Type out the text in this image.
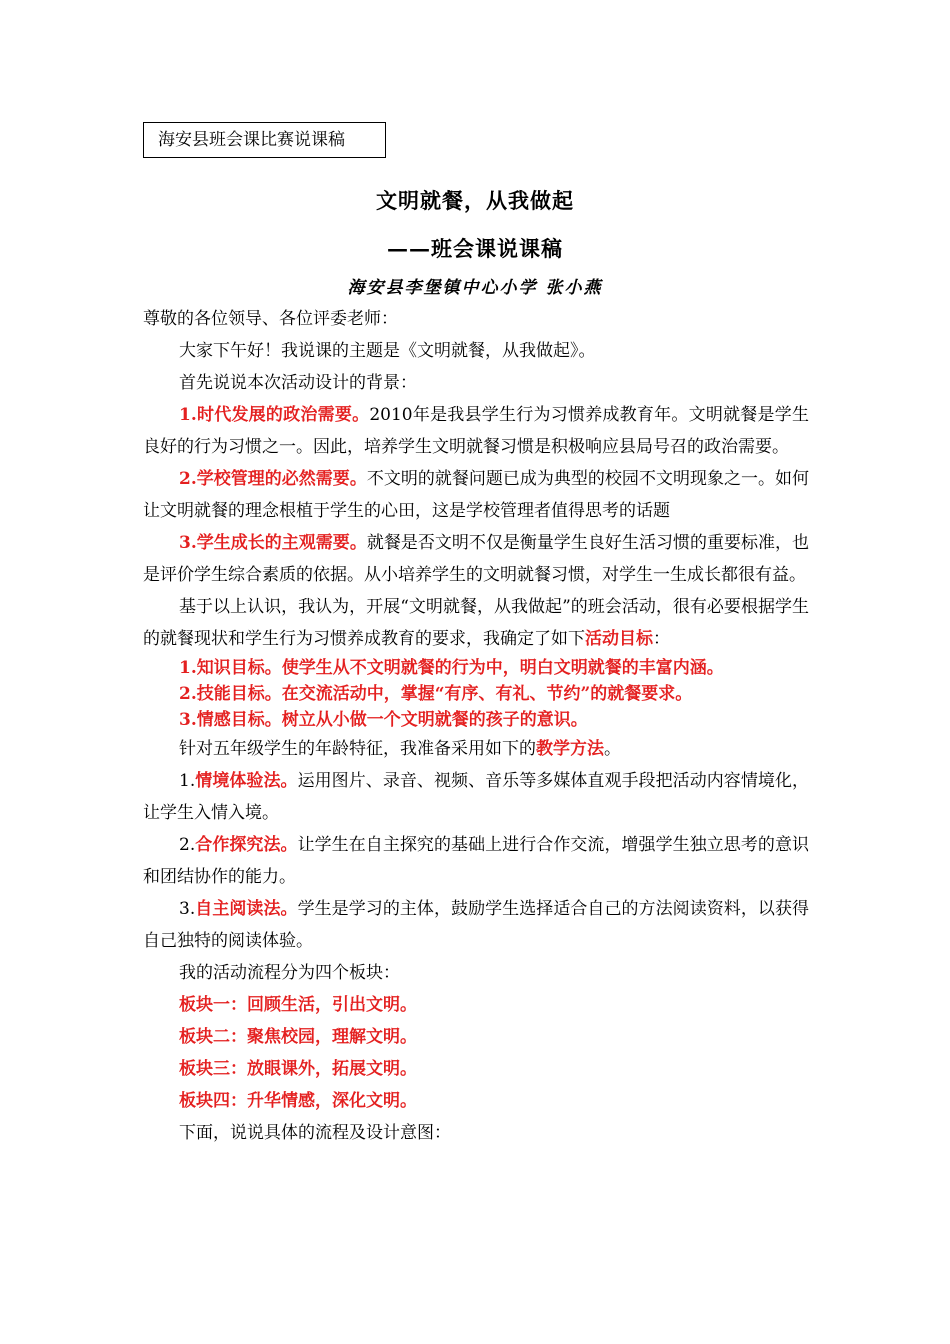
海安县班会课比赛说课稿
文明就餐，从我做起
——班会课说课稿
海安县李堡镇中心小学 张小燕

尊敬的各位领导、各位评委老师：

大家下午好！我说课的主题是《文明就餐，从我做起》。

首先说说本次活动设计的背景：

1.时代发展的政治需要。2010年是我县学生行为习惯养成教育年。文明就餐是学生良好的行为习惯之一。因此，培养学生文明就餐习惯是积极响应县局号召的政治需要。

2.学校管理的必然需要。不文明的就餐问题已成为典型的校园不文明现象之一。如何让文明就餐的理念根植于学生的心田，这是学校管理者值得思考的话题

3.学生成长的主观需要。就餐是否文明不仅是衡量学生良好生活习惯的重要标准，也是评价学生综合素质的依据。从小培养学生的文明就餐习惯，对学生一生成长都很有益。

基于以上认识，我认为，开展“文明就餐，从我做起”的班会活动，很有必要根据学生的就餐现状和学生行为习惯养成教育的要求，我确定了如下活动目标：

1.知识目标。使学生从不文明就餐的行为中，明白文明就餐的丰富内涵。

2.技能目标。在交流活动中，掌握“有序、有礼、节约”的就餐要求。

3.情感目标。树立从小做一个文明就餐的孩子的意识。

针对五年级学生的年龄特征，我准备采用如下的教学方法。

1.情境体验法。运用图片、录音、视频、音乐等多媒体直观手段把活动内容情境化，让学生入情入境。

2.合作探究法。让学生在自主探究的基础上进行合作交流，增强学生独立思考的意识和团结协作的能力。

3.自主阅读法。学生是学习的主体，鼓励学生选择适合自己的方法阅读资料，以获得自己独特的阅读体验。

我的活动流程分为四个板块：

板块一：回顾生活，引出文明。

板块二：聚焦校园，理解文明。

板块三：放眼课外，拓展文明。

板块四：升华情感，深化文明。

下面，说说具体的流程及设计意图：
